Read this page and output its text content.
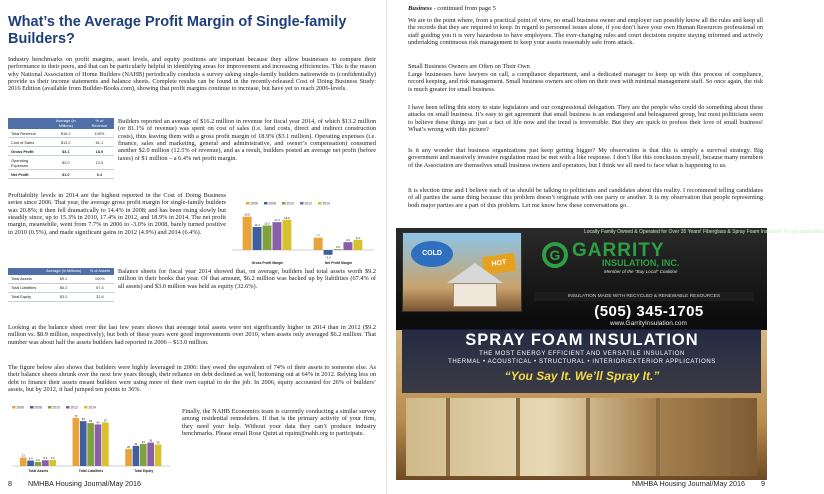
What’s the Average Profit Margin of Single-family Builders?
Industry benchmarks on profit margins, asset levels, and equity positions are important because they allow businesses to compare their performance to their peers, and that can be particularly helpful in identifying areas for improvement and increasing efficiencies. This is the reason why National Association of Home Builders (NAHB) periodically conducts a survey asking single-family builders nationwide to (confidentially) provide us their income statements and balance sheets. Complete results can be found in the recently-released Cost of Doing Business Study: 2016 Edition (available from Builder-Books.com), showing that profit margins continue to increase, but have yet to reach 2006-levels.
	Average (in Millions)	% of Revenue
Total Revenue	$16.2	100%
Cost of Sales	$13.2	81.1
Gross Profit	$3.1	18.9
Operating Expenses	$2.0	12.5
Net Profit	$1.0	6.4
Builders reported an average of $16.2 million in revenue for fiscal year 2014, of which $13.2 million (or 81.1% of revenue) was spent on cost of sales (i.e. land costs, direct and indirect construction costs), thus leaving them with a gross profit margin of 18.9% ($3.1 million). Operating expenses (i.e. finance, sales and marketing, general and administrative, and owner’s compensation) consumed another $2.0 million (12.5% of revenue), and as a result, builders posted an average net profit (before taxes) of $1 million – a 6.4% net profit margin.
Profitability levels in 2014 are the highest reported in the Cost of Doing Business series since 2006. That year, the average gross profit margin for single-family builders was 20.8%; it then fell dramatically to 14.4% in 2008; and has been rising slowly but steadily since, up to 15.3% in 2010, 17.4% in 2012, and 18.9% in 2014. The net profit margin, meanwhile, went from 7.7% in 2006 to -3.0% in 2008, barely turned positive in 2010 (0.5%), and made significant gains in 2012 (4.9%) and 2014 (6.4%).
2006	2008	2010	2012	2014
20.8
14.4 15.3
17.4
18.9
Gross Profit Margin
7.7
-3.0
0.5
4.9
6.4
Net Profit Margin
	Average (in Millions)	% of Assets
Total Assets	$9.2	100%
Total Liabilities	$6.2	67.4
Total Equity	$3.0	32.6
Balance sheets for fiscal year 2014 showed that, on average, builders had total assets worth $9.2 million in their books that year. Of that amount, $6.2 million was backed up by liabilities (67.4% of all assets) and $3.0 million was held as equity (32.6%).
Looking at the balance sheet over the last few years shows that average total assets were not significantly higher in 2014 than in 2012 ($9.2 million vs. $8.9 million, respectively), but both of these years were good improvements over 2010, when assets only averaged $6.2 million. That number was about half the assets builders had reported in 2006 – $13.0 million.
The figure below also shows that builders were highly leveraged in 2006: they owed the equivalent of 74% of their assets to someone else. As their balance sheets shrunk over the next few years though, their reliance on debt declined as well, bottoming out at 64% in 2012. Relying less on debt to finance their assets meant builders were using more of their own capital to do the job. In 2006, equity accounted for 26% of builders’ assets, but by 2012, it had jumped ten points to 36%.
2006	2008	2010	2012	2014
13
8.4 6.2 8.9 9.2
Total Assets
74
69 66 64 67
Total Liabilities
26
31 34 36 33
Total Equity
Finally, the NAHB Economics team is currently conducting a similar survey among residential remodelers. If that is the primary activity of your firm, they need your help. Without your data they can’t produce industry benchmarks. Please email Rose Quint at rquint@nahb.org to participate.
8        NMHBA Housing Journal/May 2016
Business - continued from page 5
We are to the point where, from a practical point of view, no small business owner and employer can possibly know all the rules and keep all the records that they are required to keep. In regard to personnel issues alone, if you don’t have your own Human Resources professional on staff guiding you it is very hazardous to have employees. The ever-changing rules and court decisions require staying informed and actively undertaking continuous risk management to keep your assets reasonably safe from attack.
Small Business Owners are Often on Their Own
Large businesses have lawyers on call, a compliance department, and a dedicated manager to keep up with this process of compliance, record keeping, and risk management. Small business owners are often on their own with minimal management staff. So once again, the risk is much greater for small business.
I have been telling this story to state legislators and our congressional delegation. They are the people who could do something about these attacks on small business. It’s easy to get agreement that small business is an endangered and beleaguered group, but most politicians seem to believe these things are just a fact of life now and the trend is irreversible. But they are quick to profess their love of small business! What’s wrong with this picture?
Is it any wonder that business organizations just keep getting bigger? My observation is that this is simply a survival strategy. Big government and massively invasive regulation must be met with a like response. I don’t like this conclusion myself, because many members of the Association are themselves small business owners and operators, but I think we all need to face what is happening to us.
It is election time and I believe each of us should be talking to politicians and candidates about this reality. I recommend telling candidates of all parties the same thing because this problem doesn’t originate with one party or another. It is my observation that people representing both major parties are a part of this problem. Let me know how these conversations go.
COLD
HOT
Locally Family Owned & Operated for Over 35 Years! Fiberglass & Spray Foam Insulation for any application
G GARRITY
INSULATION, INC.
Member of the "Buy Local" Coalition
INSULATION MADE WITH RECYCLED & RENEWABLE RESOURCES
(505) 345-1705
www.GarrityInsulation.com
SPRAY FOAM INSULATION
THE MOST ENERGY EFFICIENT AND VERSATILE INSULATION
THERMAL • ACOUSTICAL • STRUCTURAL • INTERIOR/EXTERIOR APPLICATIONS
“You Say It. We’ll Spray It.”
NMHBA Housing Journal/May 2016        9
